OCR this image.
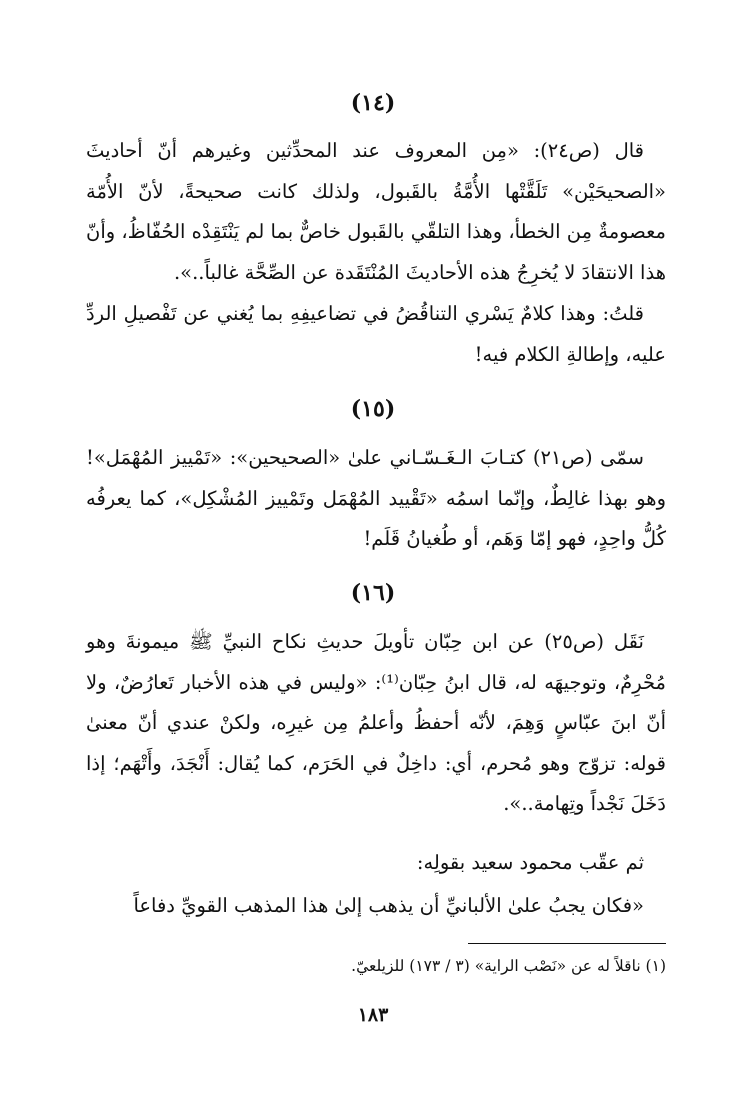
(١٤)
قال (ص٢٤): «مِن المعروف عند المحدِّثين وغيرهم أنّ أحاديثَ «الصحيحَيْن» تَلَقَّتْها الأُمَّةُ بالقَبول، ولذلك كانت صحيحةً، لأنّ الأُمّة معصومةٌ مِن الخطأ، وهذا التلقّي بالقَبول خاصٌّ بما لم يَنْتَقِدْه الحُفّاظُ، وأنّ هذا الانتقادَ لا يُخرِجُ هذه الأحاديثَ المُنْتَقَدة عن الصِّحَّة غالباً..».
قلتُ: وهذا كلامٌ يَسْري التناقُضُ في تضاعيفِهِ بما يُغني عن تَفْصيلِ الردِّ عليه، وإطالةِ الكلام فيه!
(١٥)
سمّى (ص٢١) كتـابَ الـغَـسّـاني علىٰ «الصحيحين»: «تَمْييز المُهْمَل»! وهو بهذا غالِطٌ، وإنّما اسمُه «تَقْييد المُهْمَل وتَمْييز المُشْكِل»، كما يعرفُه كُلُّ واحِدٍ، فهو إمّا وَهَم، أو طُغيانُ قَلَم!
(١٦)
نَقَل (ص٢٥) عن ابن حِبّان تأويلَ حديثِ نكاح النبيِّ ﷺ ميمونةَ وهو مُحْرِمٌ، وتوجيهَه له، قال ابنُ حِبّان⁽¹⁾: «وليس في هذه الأخبار تَعارُضٌ، ولا أنّ ابنَ عبّاسٍ وَهِمَ، لأنّه أحفظُ وأعلمُ مِن غيرِه، ولكنْ عندي أنّ معنىٰ قوله: تزوّج وهو مُحرم، أي: داخِلٌ في الحَرَم، كما يُقال: أَنْجَدَ، وأَتْهَم؛ إذا دَخَلَ نَجْداً وتِهامة..».
ثم عقّب محمود سعيد بقولِه:
«فكان يجبُ علىٰ الألبانيِّ أن يذهب إلىٰ هذا المذهب القويِّ دفاعاً
(١) ناقلاً له عن «نَصْب الراية» (٣ / ١٧٣) للزيلعيّ.
١٨٣
